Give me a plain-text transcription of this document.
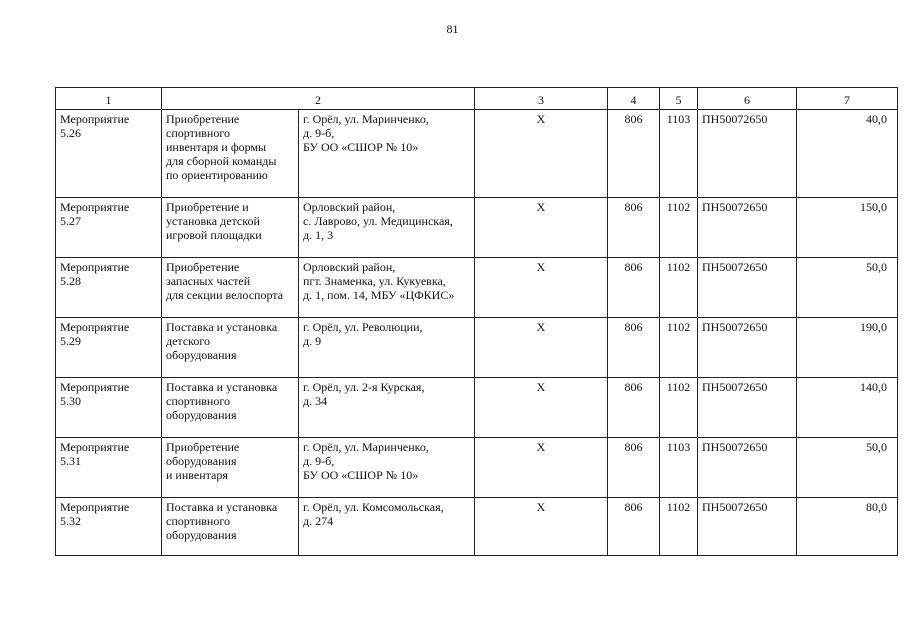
81
1	2		3	4	5	6	7
Мероприятие
5.26	Приобретение
спортивного
инвентаря и формы
для сборной команды
по ориентированию	г. Орёл, ул. Маринченко,
д. 9-б,
БУ ОО «СШОР № 10»	Х	806	1103	ПН50072650	40,0
Мероприятие
5.27	Приобретение и
установка детской
игровой площадки	Орловский район,
с. Лаврово, ул. Медицинская,
д. 1, 3	Х	806	1102	ПН50072650	150,0
Мероприятие
5.28	Приобретение
запасных частей
для секции велоспорта	Орловский район,
пгт. Знаменка, ул. Кукуевка,
д. 1, пом. 14, МБУ «ЦФКИС»	Х	806	1102	ПН50072650	50,0
Мероприятие
5.29	Поставка и установка
детского
оборудования	г. Орёл, ул. Революции,
д. 9	Х	806	1102	ПН50072650	190,0
Мероприятие
5.30	Поставка и установка
спортивного
оборудования	г. Орёл, ул. 2-я Курская,
д. 34	Х	806	1102	ПН50072650	140,0
Мероприятие
5.31	Приобретение
оборудования
и инвентаря	г. Орёл, ул. Маринченко,
д. 9-б,
БУ ОО «СШОР № 10»	Х	806	1103	ПН50072650	50,0
Мероприятие
5.32	Поставка и установка
спортивного
оборудования	г. Орёл, ул. Комсомольская,
д. 274	Х	806	1102	ПН50072650	80,0
